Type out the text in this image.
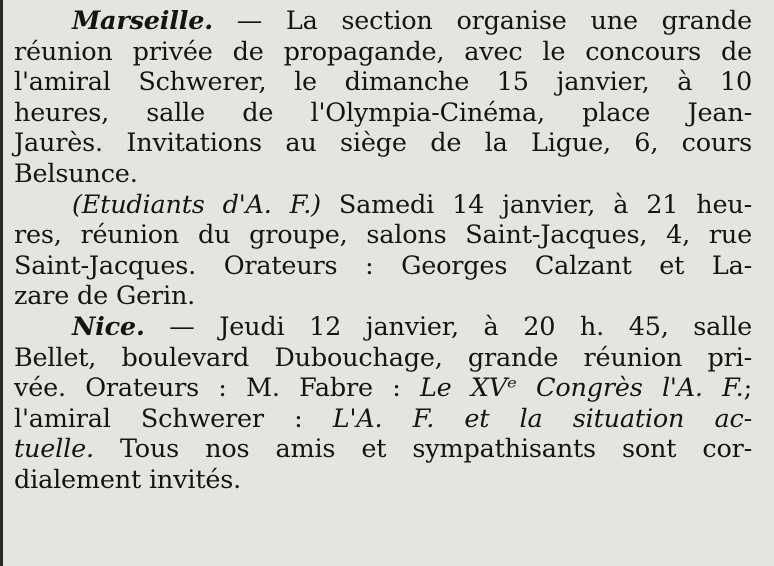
Marseille. — La section organise une grande
réunion privée de propagande, avec le concours de
l'amiral Schwerer, le dimanche 15 janvier, à 10
heures, salle de l'Olympia-Cinéma, place Jean-
Jaurès. Invitations au siège de la Ligue, 6, cours
Belsunce.
(Etudiants d'A. F.) Samedi 14 janvier, à 21 heu-
res, réunion du groupe, salons Saint-Jacques, 4, rue
Saint-Jacques. Orateurs : Georges Calzant et La-
zare de Gerin.
Nice. — Jeudi 12 janvier, à 20 h. 45, salle
Bellet, boulevard Dubouchage, grande réunion pri-
vée. Orateurs : M. Fabre : Le XVᵉ Congrès l'A. F.;
l'amiral Schwerer : L'A. F. et la situation ac-
tuelle. Tous nos amis et sympathisants sont cor-
dialement invités.
